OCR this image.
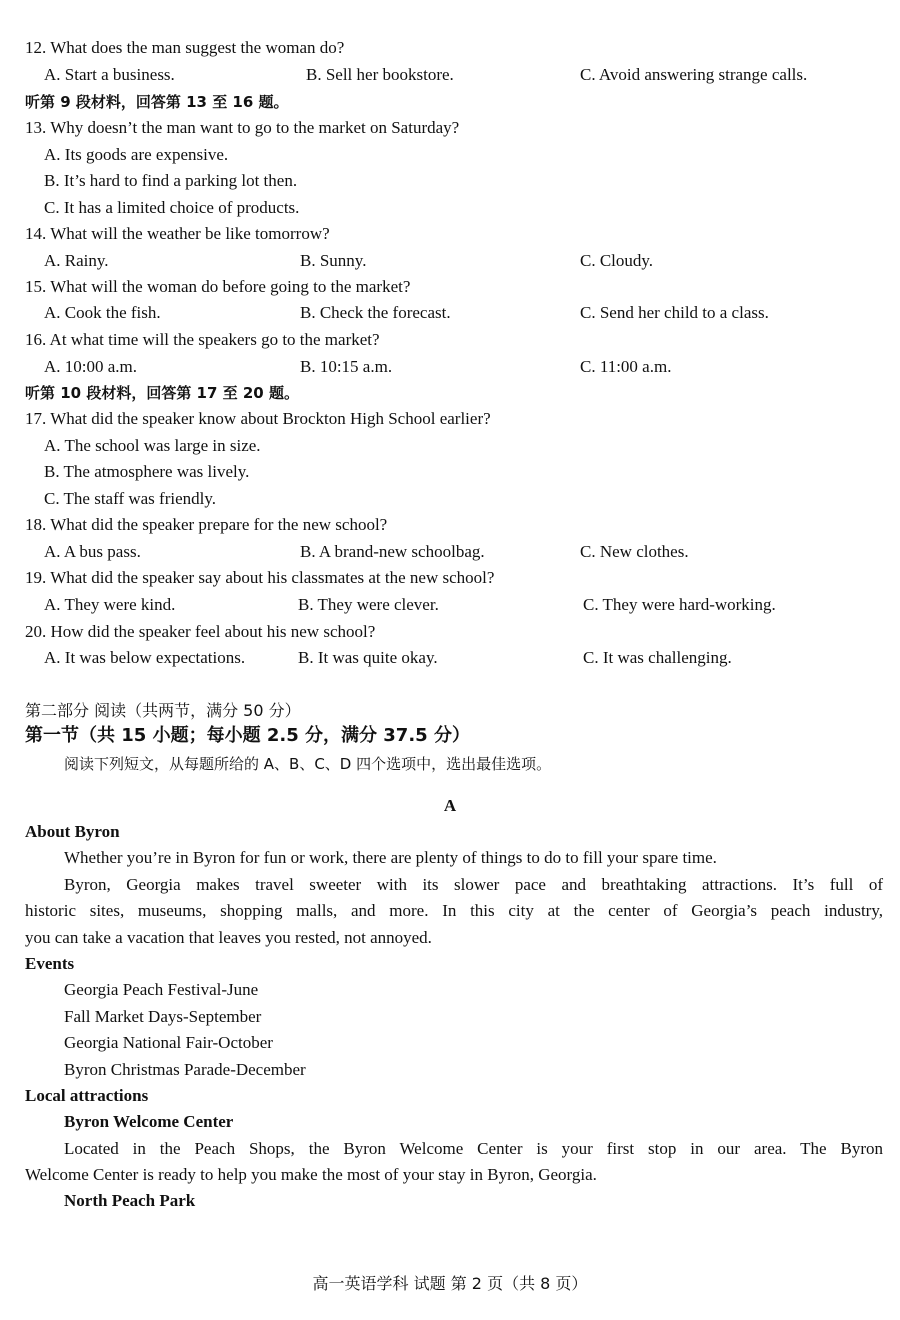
12. What does the man suggest the woman do?
A. Start a business.	B. Sell her bookstore.	C. Avoid answering strange calls.
听第 9 段材料，回答第 13 至 16 题。
13. Why doesn’t the man want to go to the market on Saturday?
A. Its goods are expensive.
B. It’s hard to find a parking lot then.
C. It has a limited choice of products.
14. What will the weather be like tomorrow?
A. Rainy.	B. Sunny.	C. Cloudy.
15. What will the woman do before going to the market?
A. Cook the fish.	B. Check the forecast.	C. Send her child to a class.
16. At what time will the speakers go to the market?
A. 10:00 a.m.	B. 10:15 a.m.	C. 11:00 a.m.
听第 10 段材料，回答第 17 至 20 题。
17. What did the speaker know about Brockton High School earlier?
A. The school was large in size.
B. The atmosphere was lively.
C. The staff was friendly.
18. What did the speaker prepare for the new school?
A. A bus pass.	B. A brand-new schoolbag.	C. New clothes.
19. What did the speaker say about his classmates at the new school?
A. They were kind.	B. They were clever.	C. They were hard-working.
20. How did the speaker feel about his new school?
A. It was below expectations.	B. It was quite okay.	C. It was challenging.
第二部分 阅读（共两节，满分 50 分）
第一节（共 15 小题；每小题 2.5 分，满分 37.5 分）
阅读下列短文，从每题所给的 A、B、C、D 四个选项中，选出最佳选项。
A
About Byron
Whether you’re in Byron for fun or work, there are plenty of things to do to fill your spare time.
Byron, Georgia makes travel sweeter with its slower pace and breathtaking attractions. It’s full of
historic sites, museums, shopping malls, and more. In this city at the center of Georgia’s peach industry,
you can take a vacation that leaves you rested, not annoyed.
Events
Georgia Peach Festival-June
Fall Market Days-September
Georgia National Fair-October
Byron Christmas Parade-December
Local attractions
Byron Welcome Center
Located in the Peach Shops, the Byron Welcome Center is your first stop in our area. The Byron
Welcome Center is ready to help you make the most of your stay in Byron, Georgia.
North Peach Park
高一英语学科 试题 第 2 页（共 8 页）
